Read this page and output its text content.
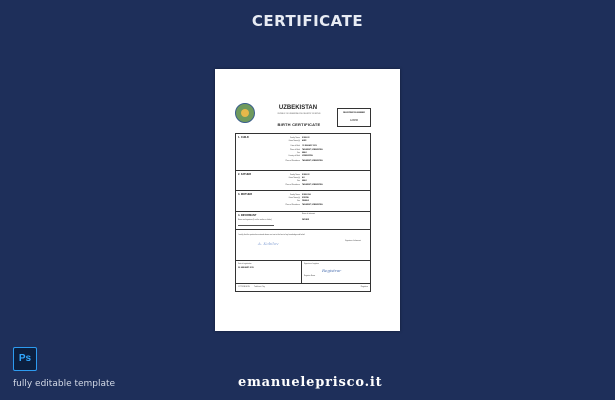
CERTIFICATE
UZBEKISTAN
REPUBLIC OF UZBEKISTAN CIVIL REGISTRY OF BIRTHS
BIRTH CERTIFICATE
REGISTRATION NUMBER
123456
1. CHILD	Family Name	KOBILOV
Given Name(s)	AMIR
Date of Birth	15 JANUARY 2019
Place of Birth	TASHKENT, UZBEKISTAN
Sex	MALE
Country of Birth	UZBEKISTAN
Place of Residence	TASHKENT, UZBEKISTAN
2. FATHER	Family Name	KOBILOV
Given Name(s)	ALI
Sex	MALE
Place of Residence	TASHKENT, UZBEKISTAN
3. MOTHER	Family Name	KOBILOVA
Given Name(s)	NODIRA
Sex	FEMALE
Place of Residence	TASHKENT, UZBEKISTAN
4. INFORMANT
Name and signature (if not the mother or father)
Name of informant
FATHER
I certify that the particulars entered above are true to the best of my knowledge and belief.
A. Kobilov	Signature of informant
Date of registration
20 JANUARY 2019
Signature of registrar
Registrar
Registrar Name
CITY/REGION Tashkent City	Registrar
Ps
fully editable template	emanueleprisco.it
